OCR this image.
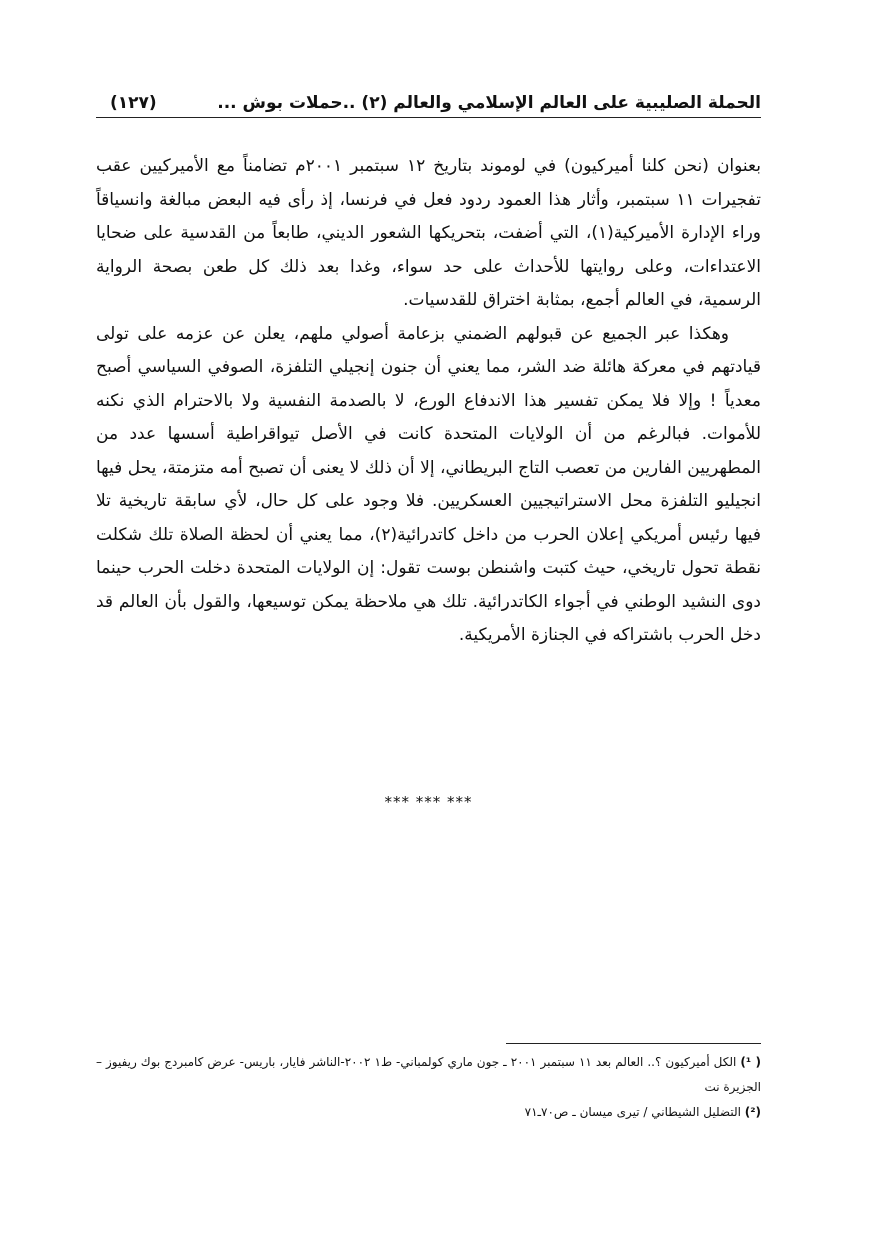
الحملة الصليبية على العالم الإسلامي والعالم (٢) ..حملات بوش ...
(١٢٧)

بعنوان (نحن كلنا أميركيون) في لوموند بتاريخ ١٢ سبتمبر ٢٠٠١م تضامناً مع الأميركيين عقب تفجيرات ١١ سبتمبر، وأثار هذا العمود ردود فعل في فرنسا، إذ رأى فيه البعض مبالغة وانسياقاً وراء الإدارة الأميركية(١)، التي أضفت، بتحريكها الشعور الديني، طابعاً من القدسية على ضحايا الاعتداءات، وعلى روايتها للأحداث على حد سواء، وغدا بعد ذلك كل طعن بصحة الرواية الرسمية، في العالم أجمع، بمثابة اختراق للقدسيات.

وهكذا عبر الجميع عن قبولهم الضمني بزعامة أصولي ملهم، يعلن عن عزمه على تولى قيادتهم في معركة هائلة ضد الشر، مما يعني أن جنون إنجيلي التلفزة، الصوفي السياسي أصبح معدياً ! وإلا فلا يمكن تفسير هذا الاندفاع الورع، لا بالصدمة النفسية ولا بالاحترام الذي نكنه للأموات. فبالرغم من أن الولايات المتحدة كانت في الأصل تيواقراطية أسسها عدد من المطهريين الفارين من تعصب التاج البريطاني، إلا أن ذلك لا يعنى أن تصبح أمه متزمتة، يحل فيها انجيليو التلفزة محل الاستراتيجيين العسكريين. فلا وجود على كل حال، لأي سابقة تاريخية تلا فيها رئيس أمريكي إعلان الحرب من داخل كاتدرائية(٢)، مما يعني أن لحظة الصلاة تلك شكلت نقطة تحول تاريخي، حيث كتبت واشنطن بوست تقول: إن الولايات المتحدة دخلت الحرب حينما دوى النشيد الوطني في أجواء الكاتدرائية. تلك هي ملاحظة يمكن توسيعها، والقول بأن العالم قد دخل الحرب باشتراكه في الجنازة الأمريكية.

*** *** ***

( ¹) الكل أميركيون ؟.. العالم بعد ١١ سبتمبر ٢٠٠١ ـ جون ماري كولمباني- ط١ ٢٠٠٢-الناشر فايار، باريس- عرض كامبردج بوك ريفيوز – الجزيرة نت

(²) التضليل الشيطاني / تيرى ميسان ـ ص٧٠ـ٧١
